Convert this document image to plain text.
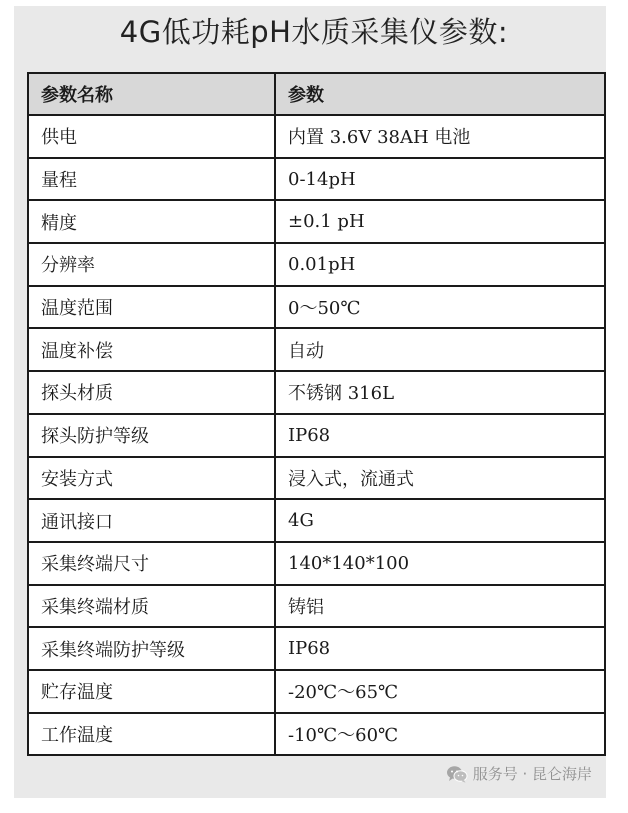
4G低功耗pH水质采集仪参数:
参数名称	参数
供电	内置 3.6V 38AH 电池
量程	0-14pH
精度	±0.1 pH
分辨率	0.01pH
温度范围	0～50℃
温度补偿	自动
探头材质	不锈钢 316L
探头防护等级	IP68
安装方式	浸入式，流通式
通讯接口	4G
采集终端尺寸	140*140*100
采集终端材质	铸铝
采集终端防护等级	IP68
贮存温度	-20℃～65℃
工作温度	-10℃～60℃
服务号 · 昆仑海岸
